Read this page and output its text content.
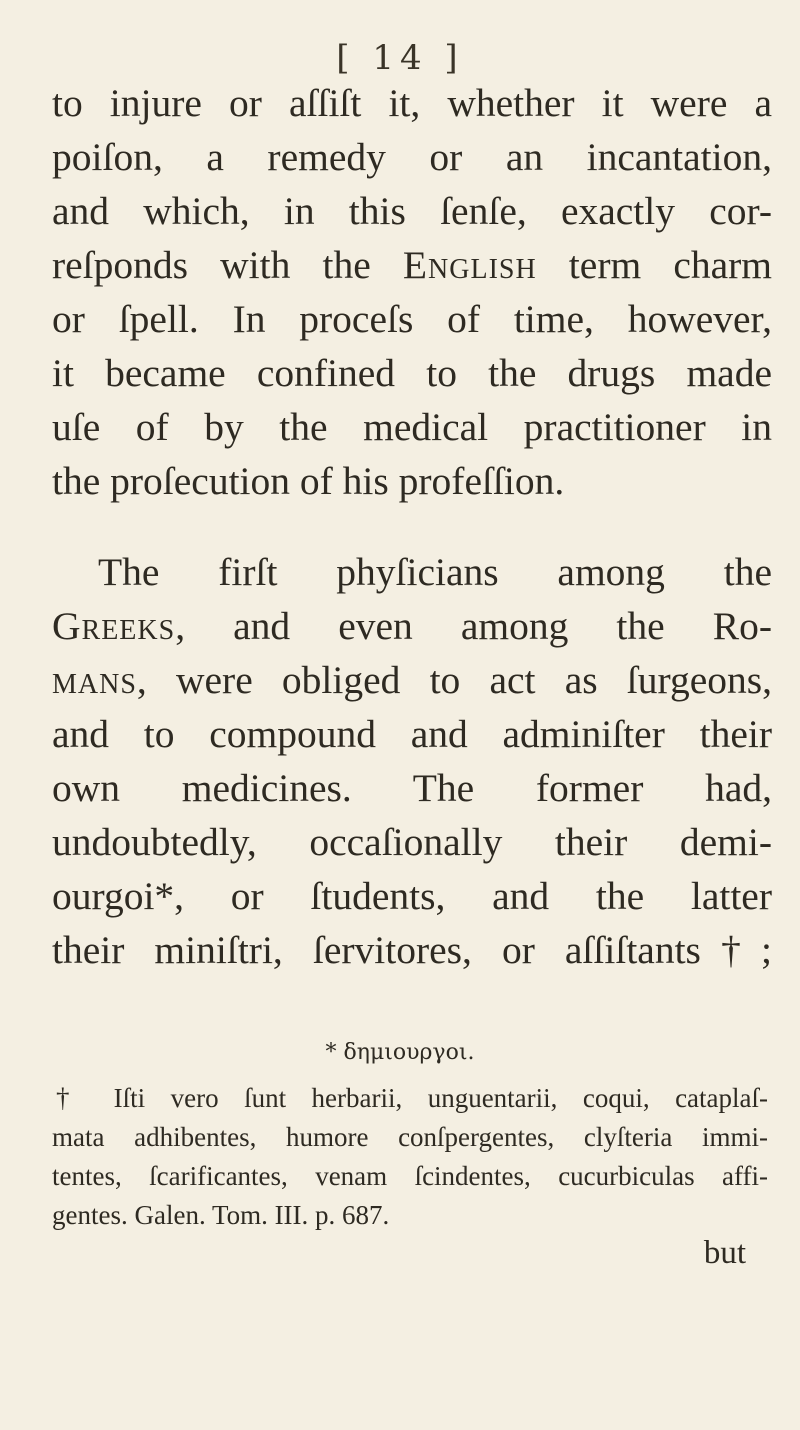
[ 14 ]
to injure or aſſiſt it, whether it were a
poiſon, a remedy or an incantation,
and which, in this ſenſe, exactly cor-
reſponds with the English term charm
or ſpell. In proceſs of time, however,
it became confined to the drugs made
uſe of by the medical practitioner in
the proſecution of his profeſſion.
The firſt phyſicians among the
Greeks, and even among the Ro-
mans, were obliged to act as ſurgeons,
and to compound and adminiſter their
own medicines. The former had,
undoubtedly, occaſionally their demi-
ourgoi*, or ſtudents, and the latter
their miniſtri, ſervitores, or aſſiſtants†;
* δημιουργοι.
† Iſti vero ſunt herbarii, unguentarii, coqui, cataplaſ-
mata adhibentes, humore conſpergentes, clyſteria immi-
tentes, ſcarificantes, venam ſcindentes, cucurbiculas affi-
gentes. Galen. Tom. III. p. 687.
but
